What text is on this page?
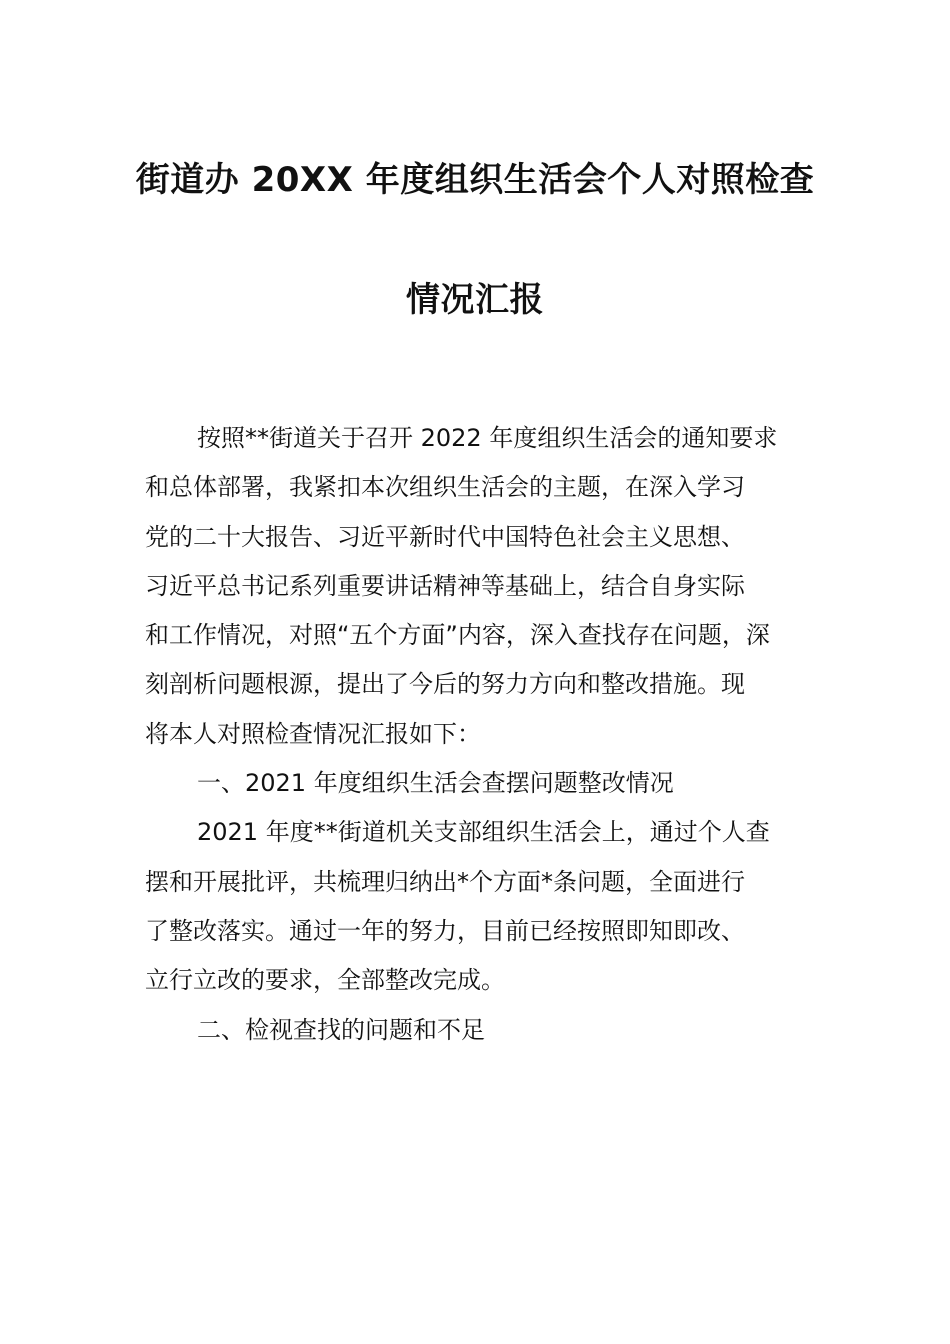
街道办 20XX 年度组织生活会个人对照检查
情况汇报
按照**街道关于召开 2022 年度组织生活会的通知要求
和总体部署，我紧扣本次组织生活会的主题，在深入学习
党的二十大报告、习近平新时代中国特色社会主义思想、
习近平总书记系列重要讲话精神等基础上，结合自身实际
和工作情况，对照“五个方面”内容，深入查找存在问题，深
刻剖析问题根源，提出了今后的努力方向和整改措施。现
将本人对照检查情况汇报如下：
一、2021 年度组织生活会查摆问题整改情况
2021 年度**街道机关支部组织生活会上，通过个人查
摆和开展批评，共梳理归纳出*个方面*条问题，全面进行
了整改落实。通过一年的努力，目前已经按照即知即改、
立行立改的要求，全部整改完成。
二、检视查找的问题和不足
